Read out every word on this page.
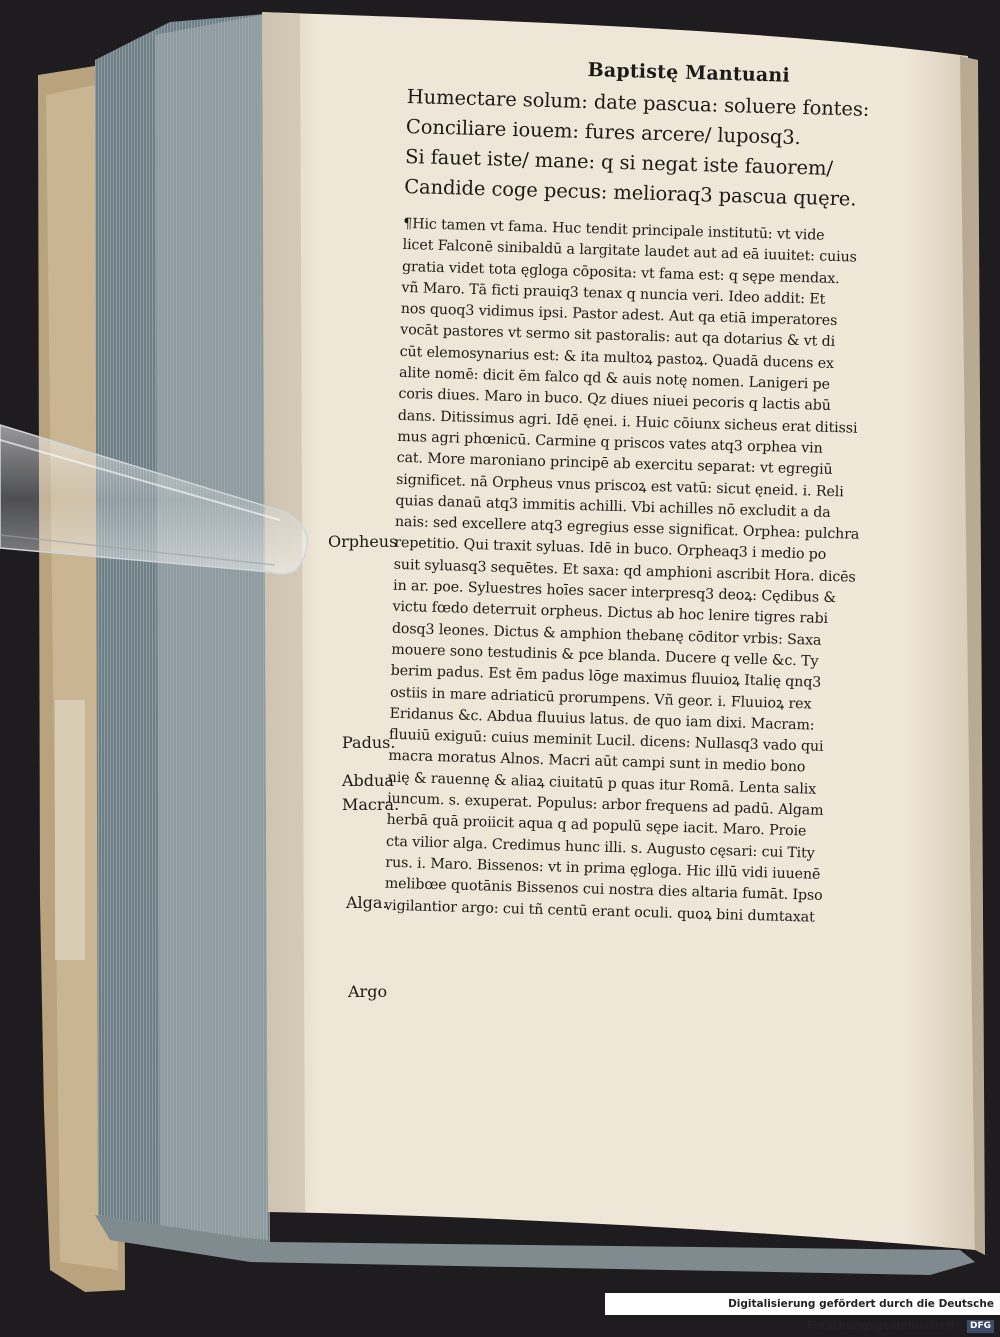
Baptistę Mantuani
Humectare solum: date pascua: soluere fontes:
Conciliare iouem: fures arcere/ luposq3.
Si fauet iste/ mane: q si negat iste fauorem/
Candide coge pecus: melioraq3 pascua quęre.
¶Hic tamen vt fama. Huc tendit principale institutū: vt vide
licet Falconē sinibaldū a largitate laudet aut ad eā iuuitet: cuius
gratia videt tota ęgloga cōposita: vt fama est: q sępe mendax.
vñ Maro. Tā ficti prauiq3 tenax q nuncia veri. Ideo addit: Et
nos quoq3 vidimus ipsi. Pastor adest. Aut qa etiā imperatores
vocāt pastores vt sermo sit pastoralis: aut qa dotarius & vt di
cūt elemosynarius est: & ita multoꝝ pastoꝝ. Quadā ducens ex
alite nomē: dicit ēm falco qd & auis notę nomen. Lanigeri pe
coris diues. Maro in buco. Qz diues niuei pecoris q lactis abū
dans. Ditissimus agri. Idē ęnei. i. Huic cōiunx sicheus erat ditissi
mus agri phœnicū. Carmine q priscos vates atq3 orphea vin
cat. More maroniano principē ab exercitu separat: vt egregiū
significet. nā Orpheus vnus priscoꝝ est vatū: sicut ęneid. i. Reli
quias danaū atq3 immitis achilli. Vbi achilles nō excludit a da
nais: sed excellere atq3 egregius esse significat. Orphea: pulchra
repetitio. Qui traxit syluas. Idē in buco. Orpheaq3 i medio po
suit syluasq3 sequētes. Et saxa: qd amphioni ascribit Hora. dicēs
in ar. poe. Syluestres hoīes sacer interpresq3 deoꝝ: Cędibus &
victu fœdo deterruit orpheus. Dictus ab hoc lenire tigres rabi
dosq3 leones. Dictus & amphion thebanę cōditor vrbis: Saxa
mouere sono testudinis & pce blanda. Ducere q velle &c. Ty
berim padus. Est ēm padus lōge maximus fluuioꝝ Italię qnq3
ostiis in mare adriaticū prorumpens. Vñ geor. i. Fluuioꝝ rex
Eridanus &c. Abdua fluuius latus. de quo iam dixi. Macram:
fluuiū exiguū: cuius meminit Lucil. dicens: Nullasq3 vado qui
macra moratus Alnos. Macri aūt campi sunt in medio bono
nię & rauennę & aliaꝝ ciuitatū p quas itur Romā. Lenta salix
iuncum. s. exuperat. Populus: arbor frequens ad padū. Algam
herbā quā proiicit aqua q ad populū sępe iacit. Maro. Proie
cta vilior alga. Credimus hunc illi. s. Augusto cęsari: cui Tity
rus. i. Maro. Bissenos: vt in prima ęgloga. Hic illū vidi iuuenē
melibœe quotānis Bissenos cui nostra dies altaria fumāt. Ipso
vigilantior argo: cui tñ centū erant oculi. quoꝝ bini dumtaxat
Orpheus
Padus.
Abdua
Macra.
Alga.
Argo
Digitalisierung gefördert durch die Deutsche Forschungsgemeinschaft · DFG
